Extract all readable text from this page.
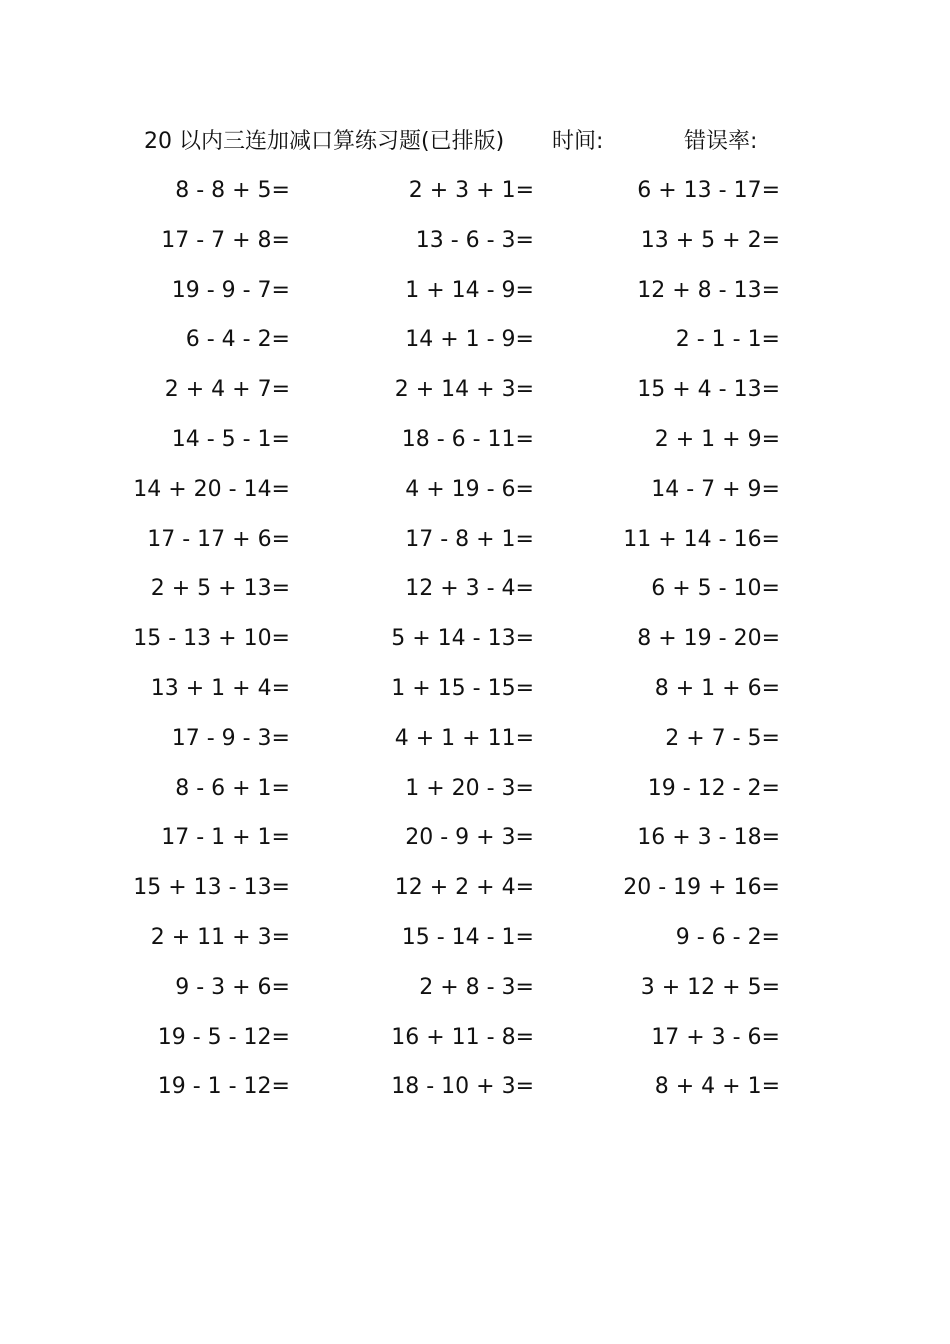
20 以内三连加减口算练习题(已排版) 时间:	错误率:
8 - 8 + 5=	2 + 3 + 1=	6 + 13 - 17=
17 - 7 + 8=	13 - 6 - 3=	13 + 5 + 2=
19 - 9 - 7=	1 + 14 - 9=	12 + 8 - 13=
6 - 4 - 2=	14 + 1 - 9=	2 - 1 - 1=
2 + 4 + 7=	2 + 14 + 3=	15 + 4 - 13=
14 - 5 - 1=	18 - 6 - 11=	2 + 1 + 9=
14 + 20 - 14=	4 + 19 - 6=	14 - 7 + 9=
17 - 17 + 6=	17 - 8 + 1=	11 + 14 - 16=
2 + 5 + 13=	12 + 3 - 4=	6 + 5 - 10=
15 - 13 + 10=	5 + 14 - 13=	8 + 19 - 20=
13 + 1 + 4=	1 + 15 - 15=	8 + 1 + 6=
17 - 9 - 3=	4 + 1 + 11=	2 + 7 - 5=
8 - 6 + 1=	1 + 20 - 3=	19 - 12 - 2=
17 - 1 + 1=	20 - 9 + 3=	16 + 3 - 18=
15 + 13 - 13=	12 + 2 + 4=	20 - 19 + 16=
2 + 11 + 3=	15 - 14 - 1=	9 - 6 - 2=
9 - 3 + 6=	2 + 8 - 3=	3 + 12 + 5=
19 - 5 - 12=	16 + 11 - 8=	17 + 3 - 6=
19 - 1 - 12=	18 - 10 + 3=	8 + 4 + 1=
